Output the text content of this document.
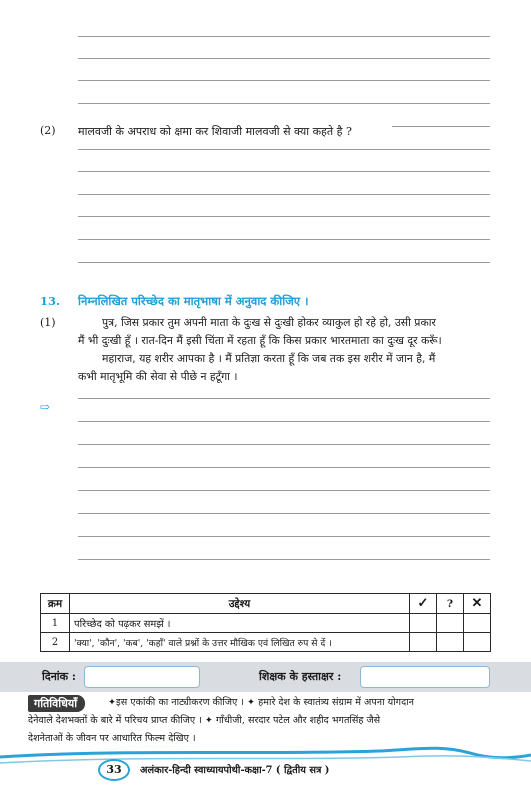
(2) मालवजी के अपराध को क्षमा कर शिवाजी मालवजी से क्या कहते है ?
13. निम्नलिखित परिच्छेद का मातृभाषा में अनुवाद कीजिए ।
(1)	पुत्र, जिस प्रकार तुम अपनी माता के दुःख से दुःखी होकर व्याकुल हो रहे हो, उसी प्रकार
मैं भी दुःखी हूँ । रात-दिन मैं इसी चिंता में रहता हूँ कि किस प्रकार भारतमाता का दुःख दूर करूँ।
महाराज, यह शरीर आपका है । मैं प्रतिज्ञा करता हूँ कि जब तक इस शरीर में जान है, मैं
कभी मातृभूमि की सेवा से पीछे न हटूँगा ।
⇨
क्रम	उद्देश्य	✓	?	✕
1	परिच्छेद को पढ़कर समझें ।			
2	'क्या', 'कौन', 'कब', 'कहाँ' वाले प्रश्नों के उत्तर मौखिक एवं लिखित रुप से दें ।			
दिनांक :	शिक्षक के हस्ताक्षर :
गतिविधियाँ	✦इस एकांकी का नाट्यीकरण कीजिए । ✦ हमारे देश के स्वातंत्र्य संग्राम में अपना योगदान
देनेवाले देशभक्तों के बारे में परिचय प्राप्त कीजिए । ✦ गाँधीजी, सरदार पटेल और शहीद भगतसिंह जैसे
देशनेताओं के जीवन पर आधारित फिल्म देखिए ।
33	अलंकार-हिन्दी स्वाध्यायपोथी-कक्षा-7 ( द्वितीय सत्र )
